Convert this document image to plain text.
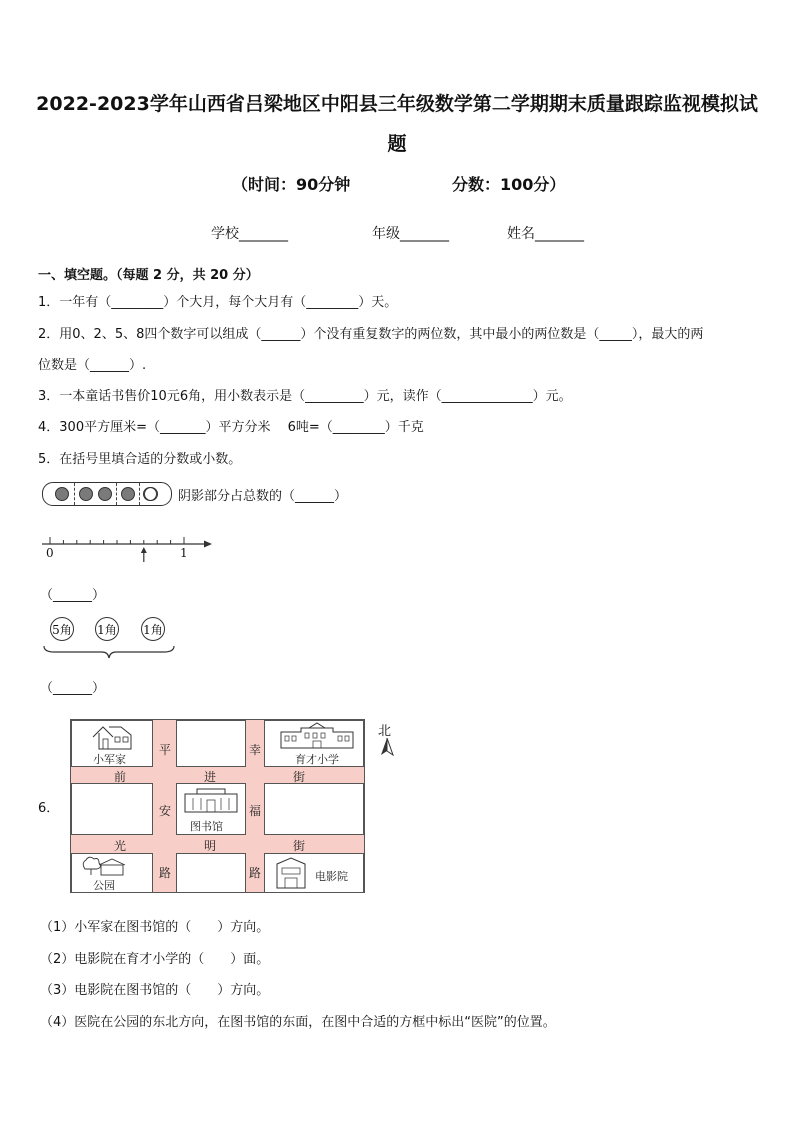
2022-2023学年山西省吕梁地区中阳县三年级数学第二学期期末质量跟踪监视模拟试
题
（时间：90分钟	分数：100分）
学校_______	年级_______	姓名_______
一、填空题。（每题 2 分，共 20 分）
1．一年有（________）个大月，每个大月有（________）天。
2．用0、2、5、8四个数字可以组成（______）个没有重复数字的两位数，其中最小的两位数是（_____），最大的两
位数是（______）.
3．一本童话书售价10元6角，用小数表示是（_________）元，读作（______________）元。
4．300平方厘米=（_______）平方分米　 6吨=（________）千克
5．在括号里填合适的分数或小数。
阴影部分占总数的（______）
0	1
（______）
5角 1角 1角
（______）
6．
北
平	幸
前	进	街
安	福
光	明	街
路	路
小军家	育才小学
图书馆
公园
电影院
（1）小军家在图书馆的（　　）方向。
（2）电影院在育才小学的（　　）面。
（3）电影院在图书馆的（　　）方向。
（4）医院在公园的东北方向，在图书馆的东面，在图中合适的方框中标出“医院”的位置。
